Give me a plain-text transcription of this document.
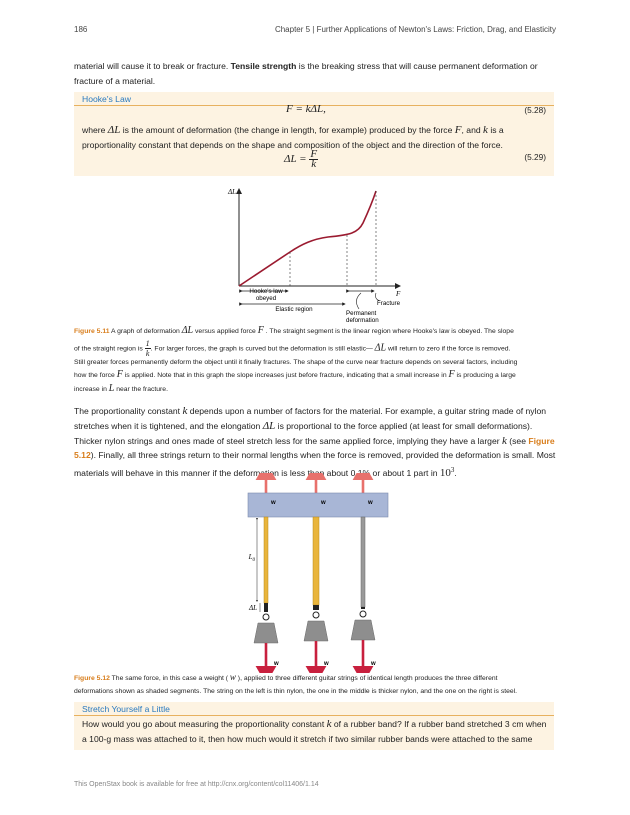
186	Chapter 5 | Further Applications of Newton's Laws: Friction, Drag, and Elasticity
material will cause it to break or fracture. Tensile strength is the breaking stress that will cause permanent deformation or fracture of a material.
Hooke's Law
F = kΔL,	(5.28)
where ΔL is the amount of deformation (the change in length, for example) produced by the force F, and k is a
proportionality constant that depends on the shape and composition of the object and the direction of the force.
$\Delta L = \frac{F}{k}$	(5.29)
ΔL
F
Hooke's law
obeyed
Elastic region
Fracture
Permanent
deformation
Figure 5.11 A graph of deformation ΔL versus applied force F . The straight segment is the linear region where Hooke's law is obeyed. The slope

of the straight region is $\frac{1}{k}$ . For larger forces, the graph is curved but the deformation is still elastic— ΔL will return to zero if the force is removed.
Still greater forces permanently deform the object until it finally fractures. The shape of the curve near fracture depends on several factors, including
how the force F is applied. Note that in this graph the slope increases just before fracture, indicating that a small increase in F is producing a large
increase in L near the fracture.
The proportionality constant k depends upon a number of factors for the material. For example, a guitar string made of nylon
stretches when it is tightened, and the elongation ΔL is proportional to the force applied (at least for small deformations).
Thicker nylon strings and ones made of steel stretch less for the same applied force, implying they have a larger k (see Figure
5.12). Finally, all three strings return to their normal lengths when the force is removed, provided the deformation is small. Most
materials will behave in this manner if the deformation is less than about 0.1% or about 1 part in $10^3$.
w	w	w
$L_0$
ΔL
w	w	w
Figure 5.12 The same force, in this case a weight ( w ), applied to three different guitar strings of identical length produces the three different
deformations shown as shaded segments. The string on the left is thin nylon, the one in the middle is thicker nylon, and the one on the right is steel.
Stretch Yourself a Little
How would you go about measuring the proportionality constant k of a rubber band? If a rubber band stretched 3 cm when
a 100-g mass was attached to it, then how much would it stretch if two similar rubber bands were attached to the same
This OpenStax book is available for free at http://cnx.org/content/col11406/1.14
